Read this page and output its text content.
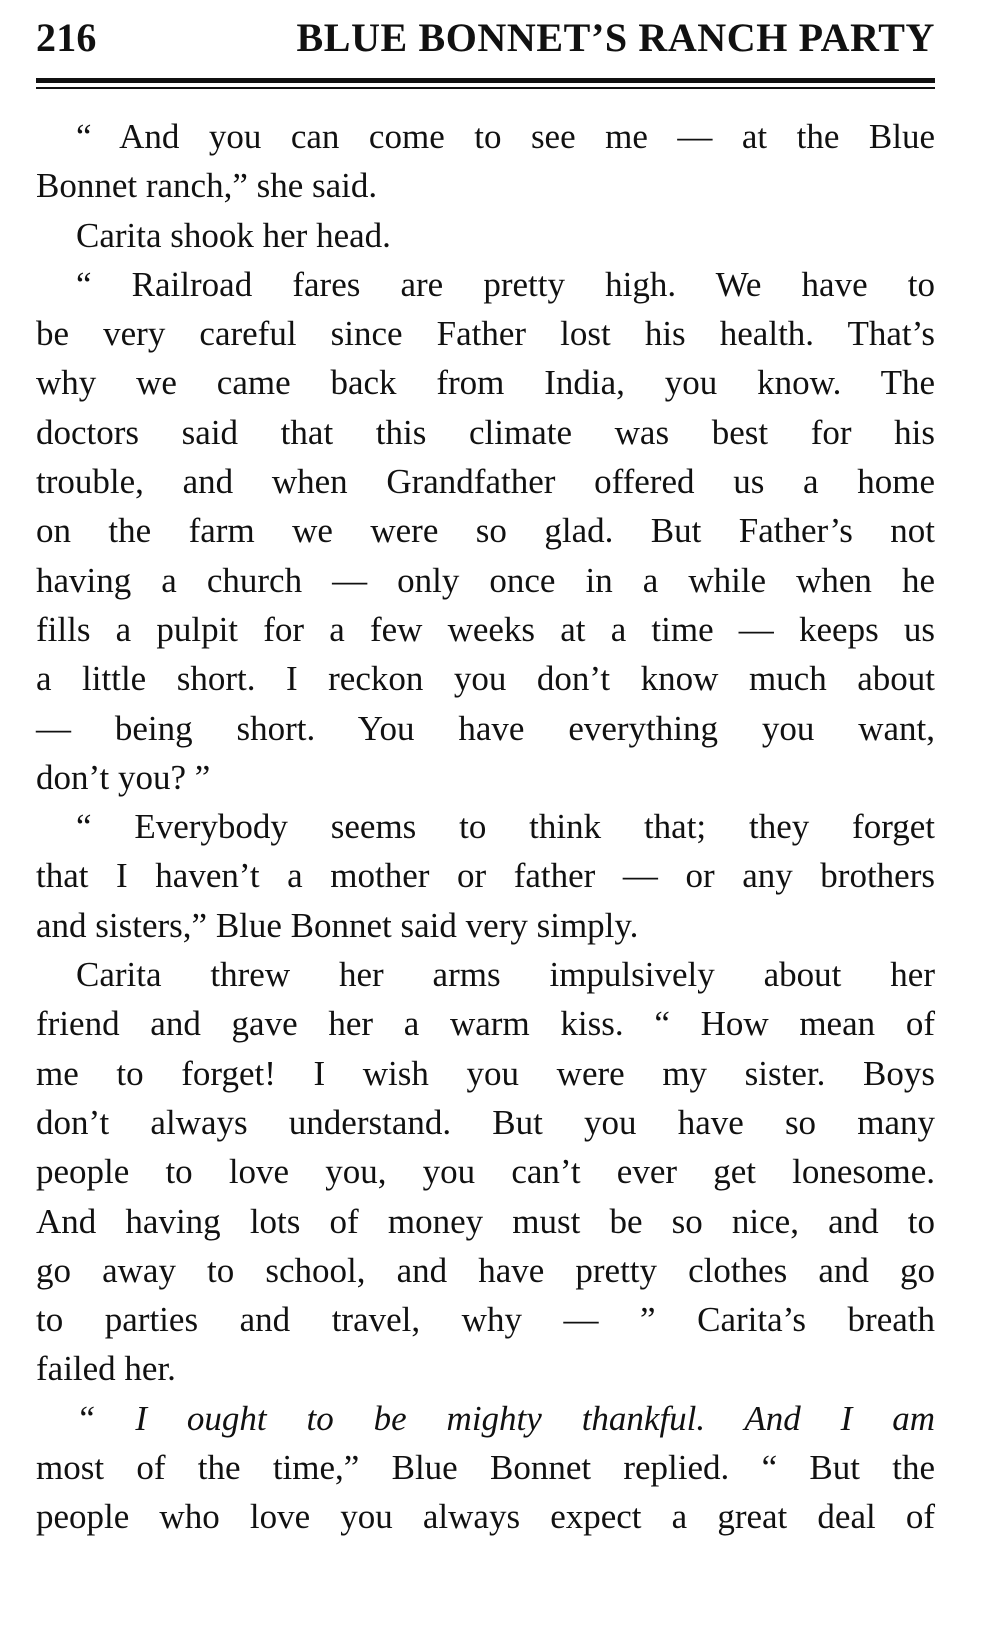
216	BLUE BONNET’S RANCH PARTY

“ And you can come to see me — at the Blue
Bonnet ranch,” she said.

Carita shook her head.

“ Railroad fares are pretty high. We have to
be very careful since Father lost his health. That’s
why we came back from India, you know. The
doctors said that this climate was best for his
trouble, and when Grandfather offered us a home
on the farm we were so glad. But Father’s not
having a church — only once in a while when he
fills a pulpit for a few weeks at a time — keeps us
a little short. I reckon you don’t know much about
— being short. You have everything you want,
don’t you? ”

“ Everybody seems to think that; they forget
that I haven’t a mother or father — or any brothers
and sisters,” Blue Bonnet said very simply.

Carita threw her arms impulsively about her
friend and gave her a warm kiss. “ How mean of
me to forget! I wish you were my sister. Boys
don’t always understand. But you have so many
people to love you, you can’t ever get lonesome.
And having lots of money must be so nice, and to
go away to school, and have pretty clothes and go
to parties and travel, why — ” Carita’s breath
failed her.

“ I ought to be mighty thankful. And I am
most of the time,” Blue Bonnet replied. “ But the
people who love you always expect a great deal of
